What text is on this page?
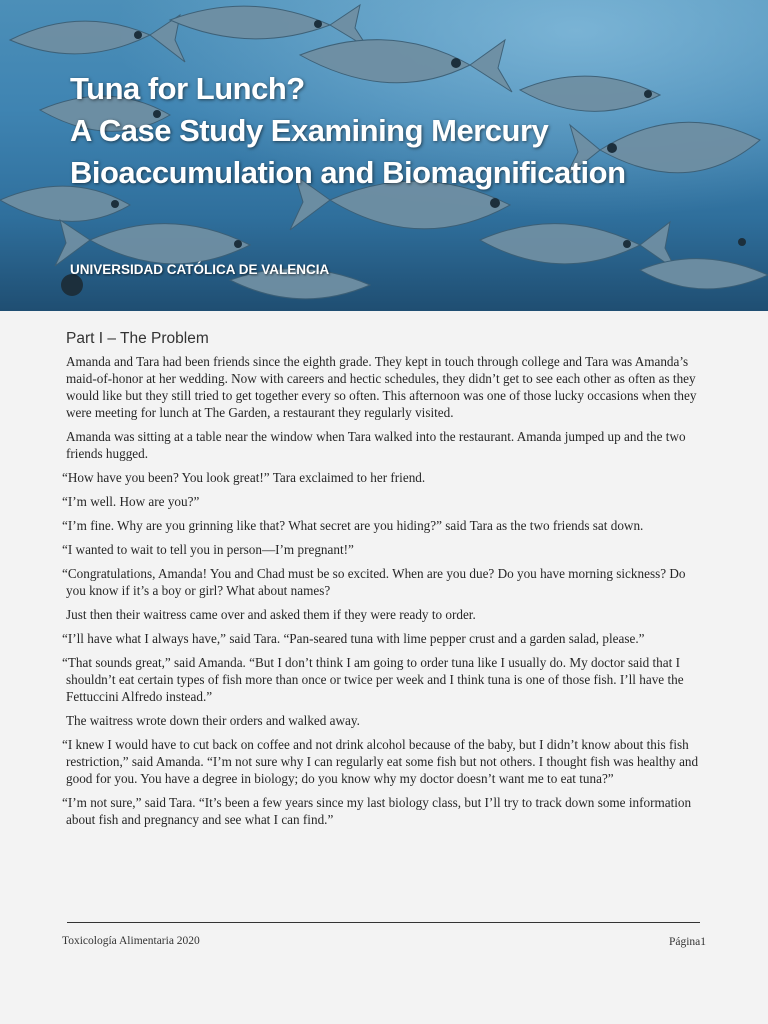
Tuna for Lunch?
A Case Study Examining Mercury
Bioaccumulation and Biomagnification
UNIVERSIDAD CATÓLICA DE VALENCIA
Part I – The Problem

Amanda and Tara had been friends since the eighth grade. They kept in touch through college and Tara was Amanda’s maid-of-honor at her wedding. Now with careers and hectic schedules, they didn’t get to see each other as often as they would like but they still tried to get together every so often. This afternoon was one of those lucky occasions when they were meeting for lunch at The Garden, a restaurant they regularly visited.

Amanda was sitting at a table near the window when Tara walked into the restaurant. Amanda jumped up and the two friends hugged.

“How have you been? You look great!” Tara exclaimed to her friend.

“I’m well. How are you?”

“I’m fine. Why are you grinning like that? What secret are you hiding?” said Tara as the two friends sat down.

“I wanted to wait to tell you in person—I’m pregnant!”

“Congratulations, Amanda! You and Chad must be so excited. When are you due? Do you have morning sickness? Do you know if it’s a boy or girl? What about names?

Just then their waitress came over and asked them if they were ready to order.

“I’ll have what I always have,” said Tara. “Pan-seared tuna with lime pepper crust and a garden salad, please.”

“That sounds great,” said Amanda. “But I don’t think I am going to order tuna like I usually do. My doctor said that I shouldn’t eat certain types of fish more than once or twice per week and I think tuna is one of those fish. I’ll have the Fettuccini Alfredo instead.”

The waitress wrote down their orders and walked away.

“I knew I would have to cut back on coffee and not drink alcohol because of the baby, but I didn’t know about this fish restriction,” said Amanda. “I’m not sure why I can regularly eat some fish but not others. I thought fish was healthy and good for you. You have a degree in biology; do you know why my doctor doesn’t want me to eat tuna?”

“I’m not sure,” said Tara. “It’s been a few years since my last biology class, but I’ll try to track down some information about fish and pregnancy and see what I can find.”

Toxicología Alimentaria 2020	Página1
